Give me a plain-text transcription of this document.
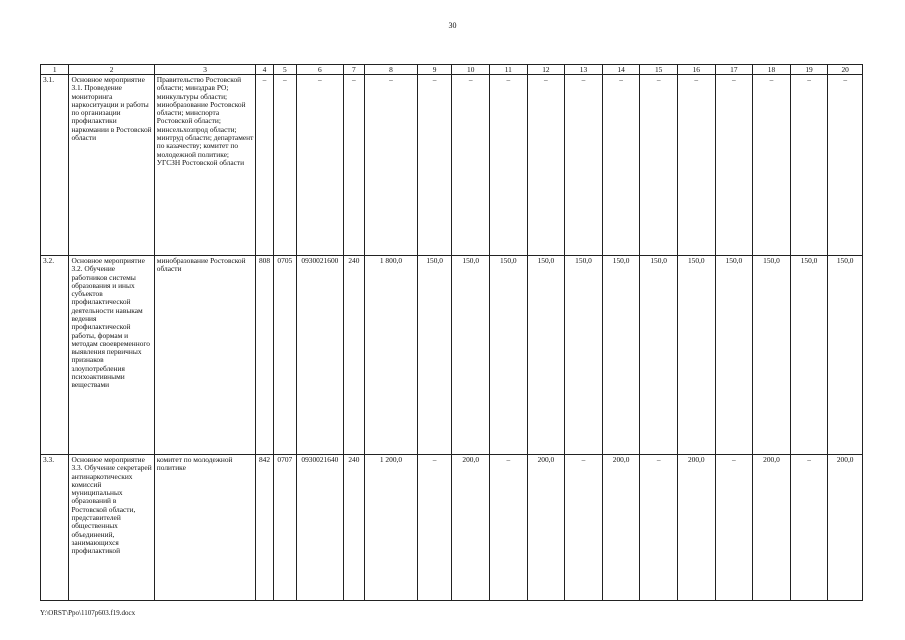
30
1	2	3	4	5	6	7	8	9	10	11	12	13	14	15	16	17	18	19	20
3.1.	Основное мероприятие 3.1. Проведение мониторинга наркоситуации и работы по организации профилактики наркомании в Ростовской области	Правительство Ростовской области; минздрав РО; минкультуры области; минобразование Ростовской области; минспорта Ростовской области; минсельхозпрод области; минтруд области; департамент по казачеству; комитет по молодежной политике; УГСЗН Ростовской области	–	–	–	–	–	–	–	–	–	–	–	–	–	–	–	–	–
3.2.	Основное мероприятие 3.2. Обучение работников системы образования и иных субъектов профилактической деятельности навыкам ведения профилактической работы, формам и методам своевременного выявления первичных признаков злоупотребления психоактивными веществами	минобразование Ростовской области	808	0705	0930021600	240	1 800,0	150,0	150,0	150,0	150,0	150,0	150,0	150,0	150,0	150,0	150,0	150,0	150,0
3.3.	Основное мероприятие 3.3. Обучение секретарей антинаркотических комиссий муниципальных образований в Ростовской области, представителей общественных объединений, занимающихся профилактикой	комитет по молодежной политике	842	0707	0930021640	240	1 200,0	–	200,0	–	200,0	–	200,0	–	200,0	–	200,0	–	200,0
Y:\ORST\Ppo\1107p603.f19.docx
